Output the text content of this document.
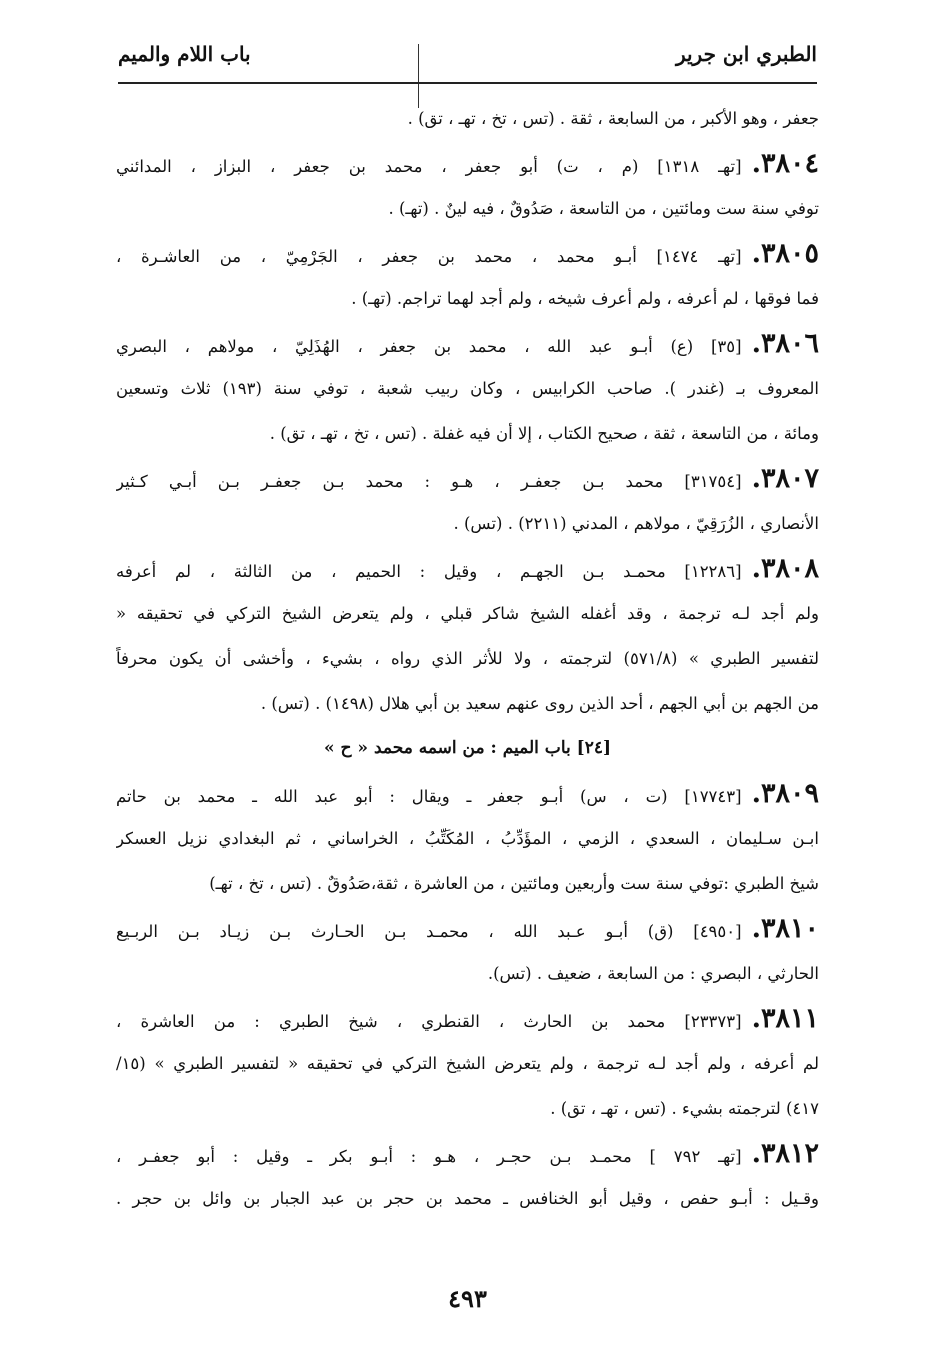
الطبري ابن جرير
باب اللام والميم
جعفر ، وهو الأكبر ، من السابعة ، ثقة . (تس ، تخ ، تهـ ، تق) .
٣٨٠٤.[تهـ ١٣١٨] (م ، ت) أبو جعفر ، محمد بن جعفر ، البزاز ، المدائني
توفي سنة ست ومائتين ، من التاسعة ، صَدُوقٌ ، فيه لينٌ . (تهـ) .
٣٨٠٥.[تهـ ١٤٧٤] أبـو محمد ، محمد بن جعفر ، الجَرْمِيّ ، من العاشـرة ،
فما فوقها ، لم أعرفه ، ولم أعرف شيخه ، ولم أجد لهما تراجم. (تهـ) .
٣٨٠٦.[٣٥] (ع) أبـو عبد الله ، محمد بن جعفر ، الهُذَلِيّ ، مولاهم ، البصري
المعروف بـ (غندر ). صاحب الكرابيس ، وكان ربيب شعبة ، توفي سنة (١٩٣) ثلاث وتسعين
ومائة ، من التاسعة ، ثقة ، صحيح الكتاب ، إلا أن فيه غفلة . (تس ، تخ ، تهـ ، تق) .
٣٨٠٧.[٣١٧٥٤] محمد بـن جعفـر ، هـو : محمد بـن جعفـر بـن أبـي كـثير
الأنصاري ، الزُرَقِيّ ، مولاهم ، المدني (٢٢١١) . (تس) .
٣٨٠٨.[١٢٢٨٦] محمـد بـن الجهـم ، وقيل : الحميم ، من الثالثة ، لم أعرفه
ولم أجد لـه ترجمة ، وقد أغفله الشيخ شاكر قبلي ، ولم يتعرض الشيخ التركي في تحقيقه «
لتفسير الطبري » (٥٧١/٨) لترجمته ، ولا للأثر الذي رواه ، بشيء ، وأخشى أن يكون محرفاً
من الجهم بن أبي الجهم ، أحد الذين روى عنهم سعيد بن أبي هلال (١٤٩٨) . (تس) .
[٢٤] باب الميم : من اسمه محمد « ح »
٣٨٠٩.[١٧٧٤٣] (ت ، س) أبـو جعفر ـ ويقال : أبو عبد الله ـ محمد بن حاتم
ابـن سـليمان ، السعدي ، الزمي ، المؤَدِّبُ ، المُكَتِّبُ ، الخراساني ، ثم البغدادي نزيل العسكر
شيخ الطبري :توفي سنة ست وأربعين ومائتين ، من العاشرة ، ثقة،صَدُوقٌ . (تس ، تخ ، تهـ)
٣٨١٠.[٤٩٥٠] (ق) أبـو عـبد الله ، محمـد بـن الحـارث بـن زيـاد بـن الربـيع
الحارثي ، البصري : من السابعة ، ضعيف . (تس).
٣٨١١.[٢٣٣٧٣] محمد بن الحارث ، القنطري ، شيخ الطبري : من العاشرة ،
لم أعرفه ، ولم أجد لـه ترجمة ، ولم يتعرض الشيخ التركي في تحقيقه « لتفسير الطبري » (١٥/
٤١٧) لترجمته بشيء . (تس ، تهـ ، تق) .
٣٨١٢.[تهـ ٧٩٢ ] محمـد بـن حجـر ، هـو : أبـو بكر ـ وقيل : أبو جعفـر ،
وقـيل : أبـو حفص ، وقيل أبو الخنافس ـ محمد بن حجر بن عبد الجبار بن وائل بن حجر .
٤٩٣
